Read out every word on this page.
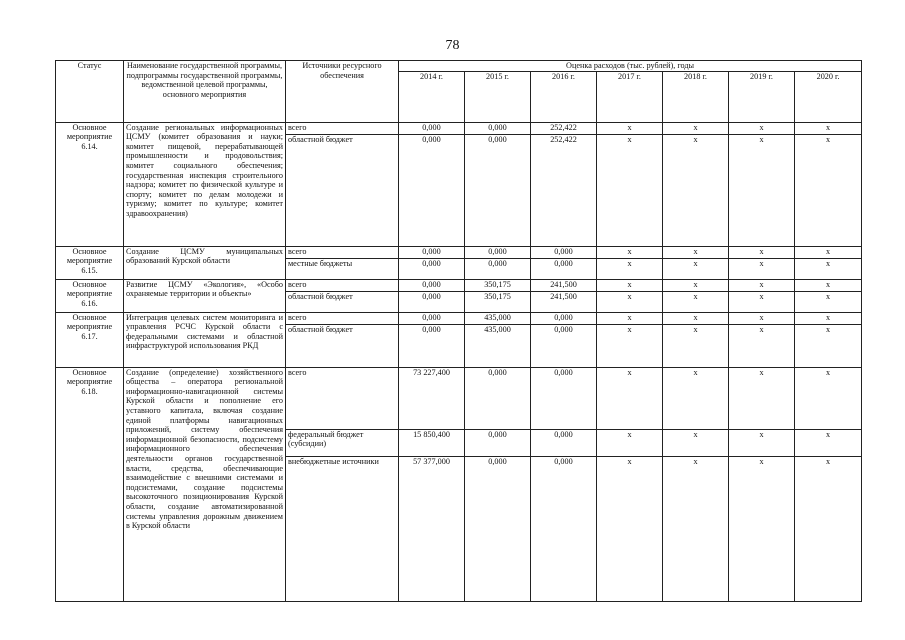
78
Статус	Наименование государственной программы, подпрограммы государственной программы, ведомственной целевой программы, основного мероприятия	Источники ресурсного обеспечения	Оценка расходов (тыс. рублей), годы						
			2014 г.	2015 г.	2016 г.	2017 г.	2018 г.	2019 г.	2020 г.
Основное мероприятие 6.14.	Создание региональных информационных ЦСМУ (комитет образования и науки; комитет пищевой, перерабатывающей промышленности и продовольствия; комитет социального обеспечения; государственная инспекция строительного надзора; комитет по физической культуре и спорту; комитет по делам молодежи и туризму; комитет по культуре; комитет здравоохранения)	всего	0,000	0,000	252,422	х	х	х	х
		областной бюджет	0,000	0,000	252,422	х	х	х	х
Основное мероприятие 6.15.	Создание ЦСМУ муниципальных образований Курской области	всего	0,000	0,000	0,000	х	х	х	х
		местные бюджеты	0,000	0,000	0,000	х	х	х	х
Основное мероприятие 6.16.	Развитие ЦСМУ «Экология», «Особо охраняемые территории и объекты»	всего	0,000	350,175	241,500	х	х	х	х
		областной бюджет	0,000	350,175	241,500	х	х	х	х
Основное мероприятие 6.17.	Интеграция целевых систем мониторинга и управления РСЧС Курской области с федеральными системами и областной инфраструктурой использования РКД	всего	0,000	435,000	0,000	х	х	х	х
		областной бюджет	0,000	435,000	0,000	х	х	х	х
Основное мероприятие 6.18.	Создание (определение) хозяйственного общества – оператора региональной информационно-навигационной системы Курской области и пополнение его уставного капитала, включая создание единой платформы навигационных приложений, систему обеспечения информационной безопасности, подсистему информационного обеспечения деятельности органов государственной власти, средства, обеспечивающие взаимодействие с внешними системами и подсистемами, создание подсистемы высокоточного позиционирования Курской области, создание автоматизированной системы управления дорожным движением в Курской области	всего	73 227,400	0,000	0,000	х	х	х	х
		федеральный бюджет (субсидии)	15 850,400	0,000	0,000	х	х	х	х
		внебюджетные источники	57 377,000	0,000	0,000	х	х	х	х
